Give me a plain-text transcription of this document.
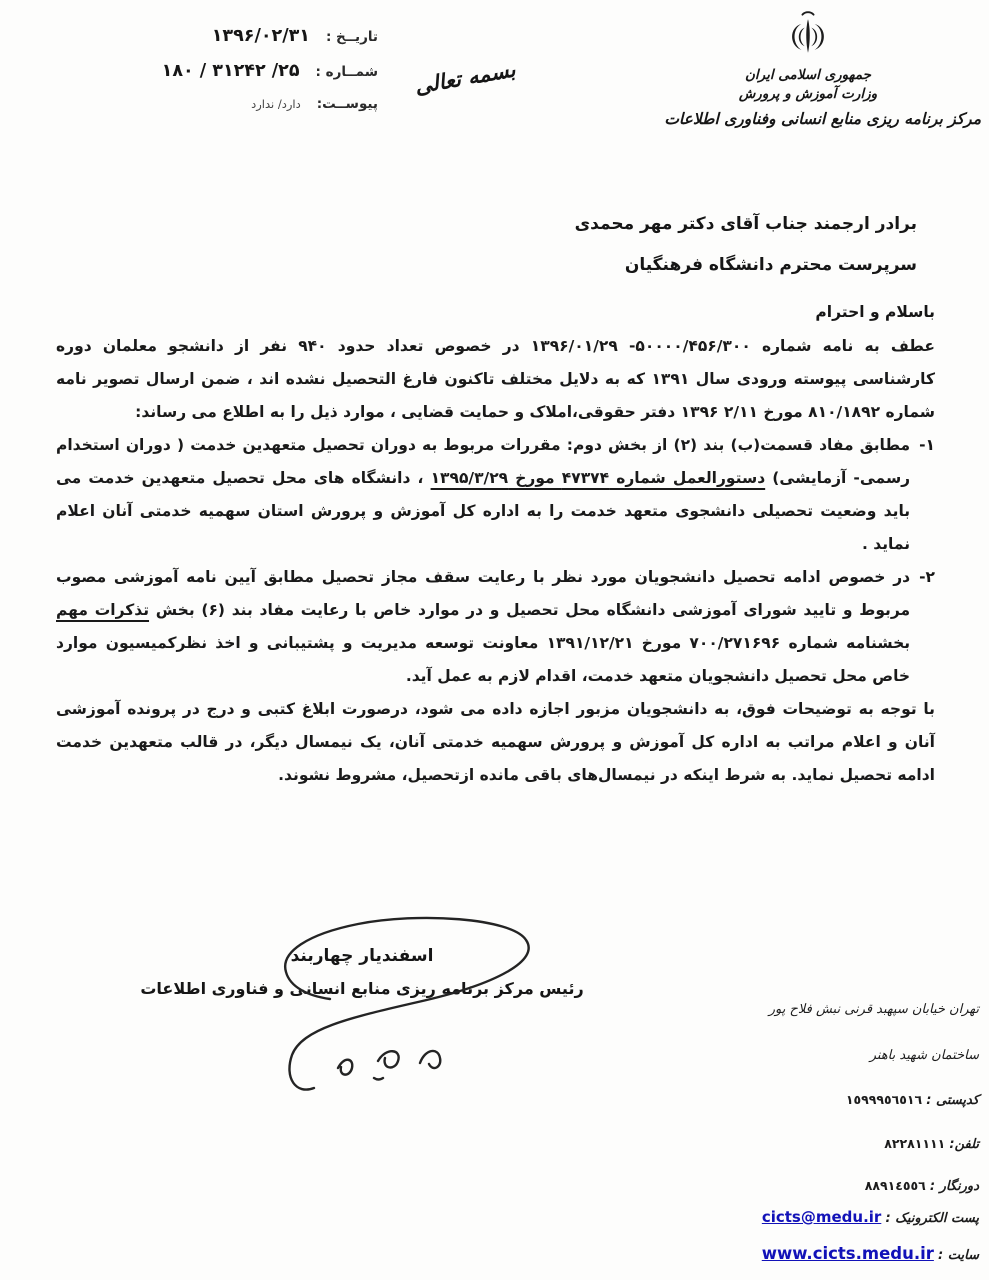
تاریــخ :
۱۳۹۶/۰۲/۳۱
شمــاره :
۲۵/ ۳۱۲۴۲ / ۱۸۰
پیوســت:
دارد/ ندارد
بسمه تعالی	جمهوری اسلامی ایران
وزارت آموزش و پرورش
مرکز برنامه ریزی منابع انسانی وفناوری اطلاعات
برادر ارجمند جناب آقای دکتر مهر محمدی
سرپرست محترم دانشگاه فرهنگیان
باسلام و احترام
عطف به نامه شماره ۵۰۰۰۰/۴۵۶/۳۰۰- ۱۳۹۶/۰۱/۲۹ در خصوص تعداد حدود ۹۴۰ نفر از دانشجو معلمان دوره کارشناسی پیوسته ورودی سال ۱۳۹۱ که به دلایل مختلف تاکنون فارغ التحصیل نشده اند ، ضمن ارسال تصویر نامه شماره ۸۱۰/۱۸۹۲ مورخ ۲/۱۱ ۱۳۹۶ دفتر حقوقی،املاک و حمایت قضایی ، موارد ذیل را به اطلاع می رساند:
۱-
مطابق مفاد قسمت(ب) بند (۲) از بخش دوم: مقررات مربوط به دوران تحصیل متعهدین خدمت ( دوران استخدام رسمی- آزمایشی) دستورالعمل شماره ۴۷۳۷۴ مورخ ۱۳۹۵/۳/۲۹ ، دانشگاه های محل تحصیل متعهدین خدمت می باید وضعیت تحصیلی دانشجوی متعهد خدمت را به اداره کل آموزش و پرورش استان سهمیه خدمتی آنان اعلام نماید .
۲-
در خصوص ادامه تحصیل دانشجویان مورد نظر با رعایت سقف مجاز تحصیل مطابق آیین نامه آموزشی مصوب مربوط و تایید شورای آموزشی دانشگاه محل تحصیل و در موارد خاص با رعایت مفاد بند (۶) بخش تذکرات مهم بخشنامه شماره ۷۰۰/۲۷۱۶۹۶ مورخ ۱۳۹۱/۱۲/۲۱ معاونت توسعه مدیریت و پشتیبانی و اخذ نظرکمیسیون موارد خاص محل تحصیل دانشجویان متعهد خدمت، اقدام لازم به عمل آید.
با توجه به توضیحات فوق، به دانشجویان مزبور اجازه داده می شود، درصورت ابلاغ کتبی و درج در پرونده آموزشی آنان و اعلام مراتب به اداره کل آموزش و پرورش سهمیه خدمتی آنان، یک نیمسال دیگر، در قالب متعهدین خدمت ادامه تحصیل نماید. به شرط اینکه در نیمسال‌های باقی مانده ازتحصیل، مشروط نشوند.
اسفندیار چهاربند
رئیس مرکز برنامه ریزی منابع انسانی و فناوری اطلاعات
تهران خیابان سپهبد قرنی نبش فلاح پور
ساختمان شهید باهنر
کدپستی : ١٥٩٩٩٥٦٥١٦
تلفن: ٨٢٢٨١١١١
دورنگار : ٨٨٩١٤٥٥٦
پست الکترونیک : cicts@medu.ir
سایت : www.cicts.medu.ir
